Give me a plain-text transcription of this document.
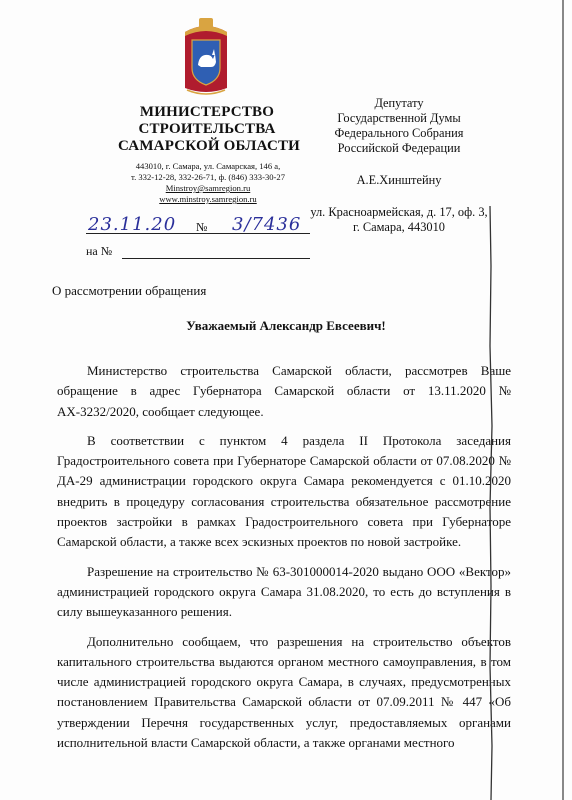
МИНИСТЕРСТВО
СТРОИТЕЛЬСТВА
САМАРСКОЙ ОБЛАСТИ
443010, г. Самара, ул. Самарская, 146 а,
т. 332-12-28, 332-26-71, ф. (846) 333-30-27
Minstroy@samregion.ru
www.minstroy.samregion.ru
Депутату
Государственной Думы
Федерального Собрания
Российской Федерации
А.Е.Хинштейну
ул. Красноармейская, д. 17, оф. 3,
г. Самара, 443010
23.11.20 № 3/7436
на №
О рассмотрении обращения
Уважаемый Александр Евсеевич!

Министерство строительства Самарской области, рассмотрев Ваше обращение в адрес Губернатора Самарской области от 13.11.2020 № АХ-3232/2020, сообщает следующее.

В соответствии с пунктом 4 раздела II Протокола заседания Градостроительного совета при Губернаторе Самарской области от 07.08.2020 № ДА-29 администрации городского округа Самара рекомендуется с 01.10.2020 внедрить в процедуру согласования строительства обязательное рассмотрение проектов застройки в рамках Градостроительного совета при Губернаторе Самарской области, а также всех эскизных проектов по новой застройке.

Разрешение на строительство № 63-301000014-2020 выдано ООО «Вектор» администрацией городского округа Самара 31.08.2020, то есть до вступления в силу вышеуказанного решения.

Дополнительно сообщаем, что разрешения на строительство объектов капитального строительства выдаются органом местного самоуправления, в том числе администрацией городского округа Самара, в случаях, предусмотренных постановлением Правительства Самарской области от 07.09.2011 № 447 «Об утверждении Перечня государственных услуг, предоставляемых органами исполнительной власти Самарской области, а также органами местного
